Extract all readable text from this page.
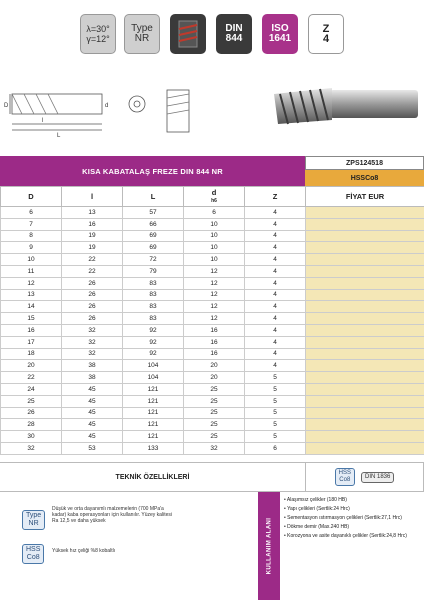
λ=30°
γ=12°
Type
NR
DIN
844
ISO
1641
Z
4
D	d
l
L
KISA KABATALAŞ FREZE DIN 844 NR
ZPS124518
HSSCo8
D	l	L	d
h6	Z	FİYAT EUR
6	13	57	6	4	
7	16	66	10	4	
8	19	69	10	4	
9	19	69	10	4	
10	22	72	10	4	
11	22	79	12	4	
12	26	83	12	4	
13	26	83	12	4	
14	26	83	12	4	
15	26	83	12	4	
16	32	92	16	4	
17	32	92	16	4	
18	32	92	16	4	
20	38	104	20	4	
22	38	104	20	5	
24	45	121	25	5	
25	45	121	25	5	
26	45	121	25	5	
28	45	121	25	5	
30	45	121	25	5	
32	53	133	32	6	
TEKNİK ÖZELLİKLERİ
HSS
Co8
DIN 1836
Type
NR
Düşük ve orta dayanımlı malzemelerin (700 MPa'a kadar) kaba operasyonları için kullanılır. Yüzey kalitesi Ra 12,5 ve daha yüksek
HSS
Co8
Yüksek hız çeliği %8 kobaltlı	KULLANIM ALANI
• Alaşımsız çelikler (180 HB)
• Yapı çelikleri (Sertlik:24 Hrc)
• Sementasyon ıstırmasyon çelikleri (Sertlik:27,1 Hrc)
• Dökme demir (Max.240 HB)
• Korozyona ve asite dayanıklı çelikler (Sertlik:24,8 Hrc)
